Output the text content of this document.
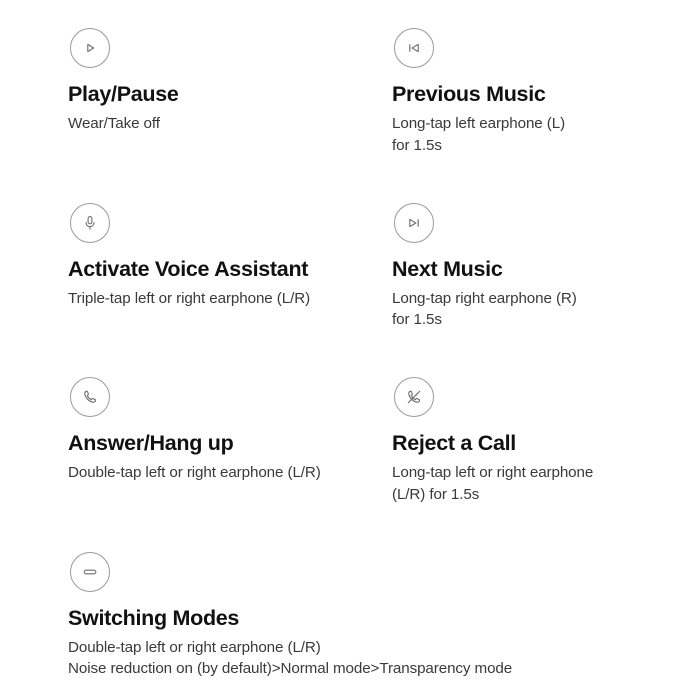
Play/Pause
Wear/Take off
Previous Music
Long-tap left earphone (L)
for 1.5s
Activate Voice Assistant
Triple-tap left or right earphone (L/R)
Next Music
Long-tap right earphone (R)
for 1.5s
Answer/Hang up
Double-tap left or right earphone (L/R)
Reject a Call
Long-tap left or right earphone
(L/R) for 1.5s
Switching Modes
Double-tap left or right earphone (L/R)
Noise reduction on (by default)>Normal mode>Transparency mode
